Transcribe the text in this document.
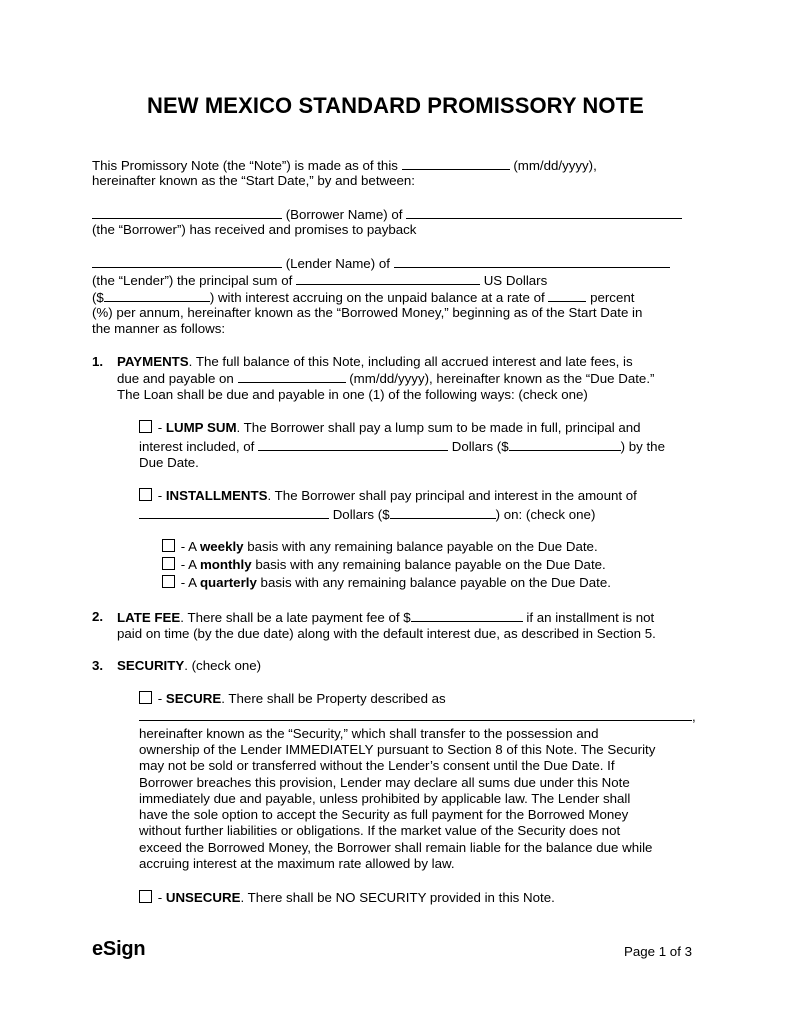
NEW MEXICO STANDARD PROMISSORY NOTE
This Promissory Note (the “Note”) is made as of this	(mm/dd/yyyy),
hereinafter known as the “Start Date,” by and between:
(Borrower Name) of
(the “Borrower”) has received and promises to payback
(Lender Name) of
(the “Lender”) the principal sum of	US Dollars
($	) with interest accruing on the unpaid balance at a rate of	percent
(%) per annum, hereinafter known as the “Borrowed Money,” beginning as of the Start Date in
the manner as follows:
1. PAYMENTS. The full balance of this Note, including all accrued interest and late fees, is
due and payable on	(mm/dd/yyyy), hereinafter known as the “Due Date.”
The Loan shall be due and payable in one (1) of the following ways: (check one)
- LUMP SUM. The Borrower shall pay a lump sum to be made in full, principal and
interest included, of	Dollars ($	) by the
Due Date.
- INSTALLMENTS. The Borrower shall pay principal and interest in the amount of
Dollars ($	) on: (check one)
- A weekly basis with any remaining balance payable on the Due Date.
- A monthly basis with any remaining balance payable on the Due Date.
- A quarterly basis with any remaining balance payable on the Due Date.
2. LATE FEE. There shall be a late payment fee of $	if an installment is not
paid on time (by the due date) along with the default interest due, as described in Section 5.
3. SECURITY. (check one)
- SECURE. There shall be Property described as
,
hereinafter known as the “Security,” which shall transfer to the possession and
ownership of the Lender IMMEDIATELY pursuant to Section 8 of this Note. The Security
may not be sold or transferred without the Lender’s consent until the Due Date. If
Borrower breaches this provision, Lender may declare all sums due under this Note
immediately due and payable, unless prohibited by applicable law. The Lender shall
have the sole option to accept the Security as full payment for the Borrowed Money
without further liabilities or obligations. If the market value of the Security does not
exceed the Borrowed Money, the Borrower shall remain liable for the balance due while
accruing interest at the maximum rate allowed by law.
- UNSECURE. There shall be NO SECURITY provided in this Note.
eSign	Page 1 of 3
